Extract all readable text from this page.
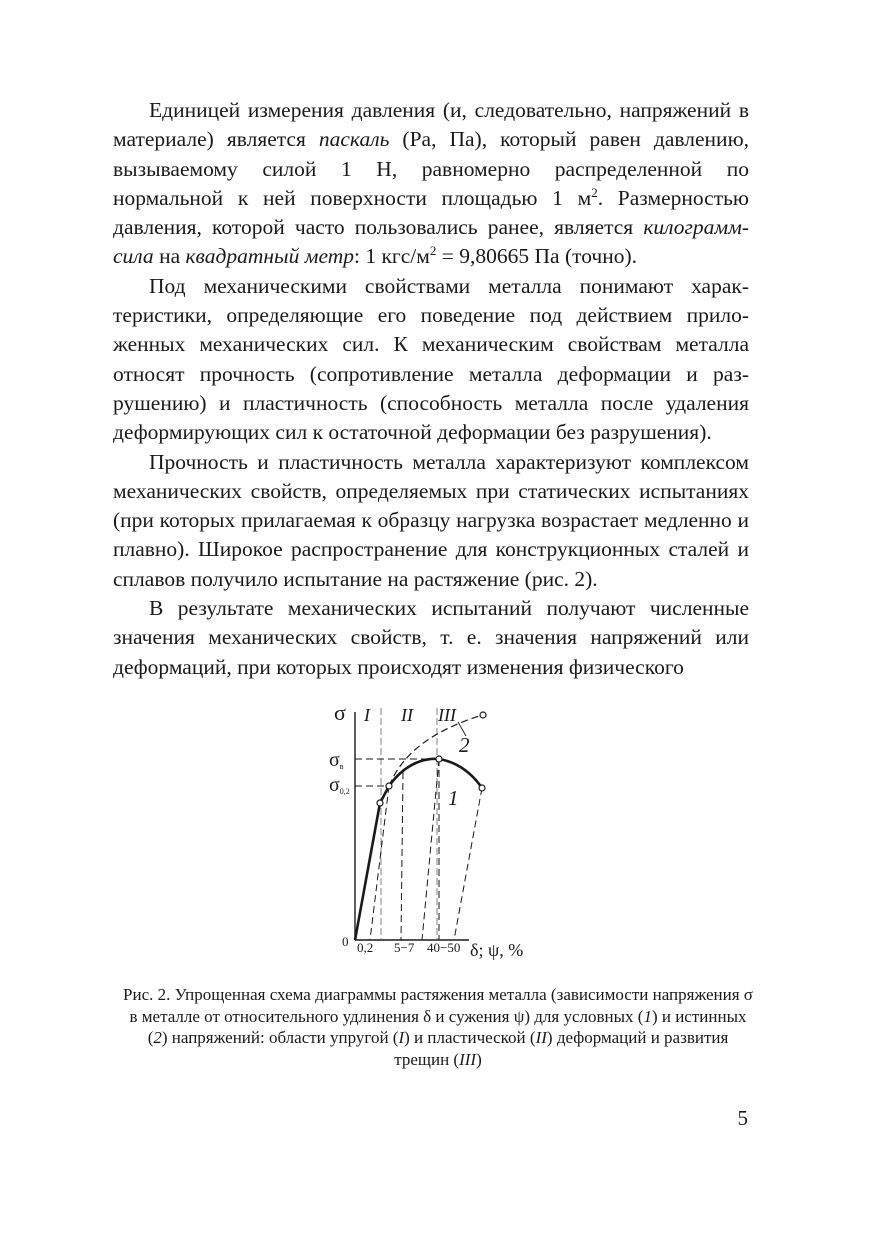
Единицей измерения давления (и, следовательно, напряжений в материале) является паскаль (Pa, Па), который равен давлению, вызываемому силой 1 Н, равномерно распределенной по нормальной к ней поверхности площадью 1 $м^2$. Размерностью давления, которой часто пользовались ранее, является килограмм-сила на квадратный метр: 1 кгс/$м^2 = 9,80665$ Па (точно).

Под механическими свойствами металла понимают характеристики, определяющие его поведение под действием приложенных механических сил. К механическим свойствам металла относят прочность (сопротивление металла деформации и разрушению) и пластичность (способность металла после удаления деформирующих сил к остаточной деформации без разрушения).

Прочность и пластичность металла характеризуют комплексом механических свойств, определяемых при статических испытаниях (при которых прилагаемая к образцу нагрузка возрастает медленно и плавно). Широкое распространение для конструкционных сталей и сплавов получило испытание на растяжение (рис. 2).

В результате механических испытаний получают численные значения механических свойств, т. е. значения напряжений или деформаций, при которых происходят изменения физического

σ I II III
2
1
σв
σ0,2
0 0,2 5−7 40−50 δ; ψ, %

Рис. 2. Упрощенная схема диаграммы растяжения металла (зависимости напряжения σ в металле от относительного удлинения δ и сужения ψ) для условных (1) и истинных (2) напряжений: области упругой (I) и пластической (II) деформаций и развития трещин (III)

5
